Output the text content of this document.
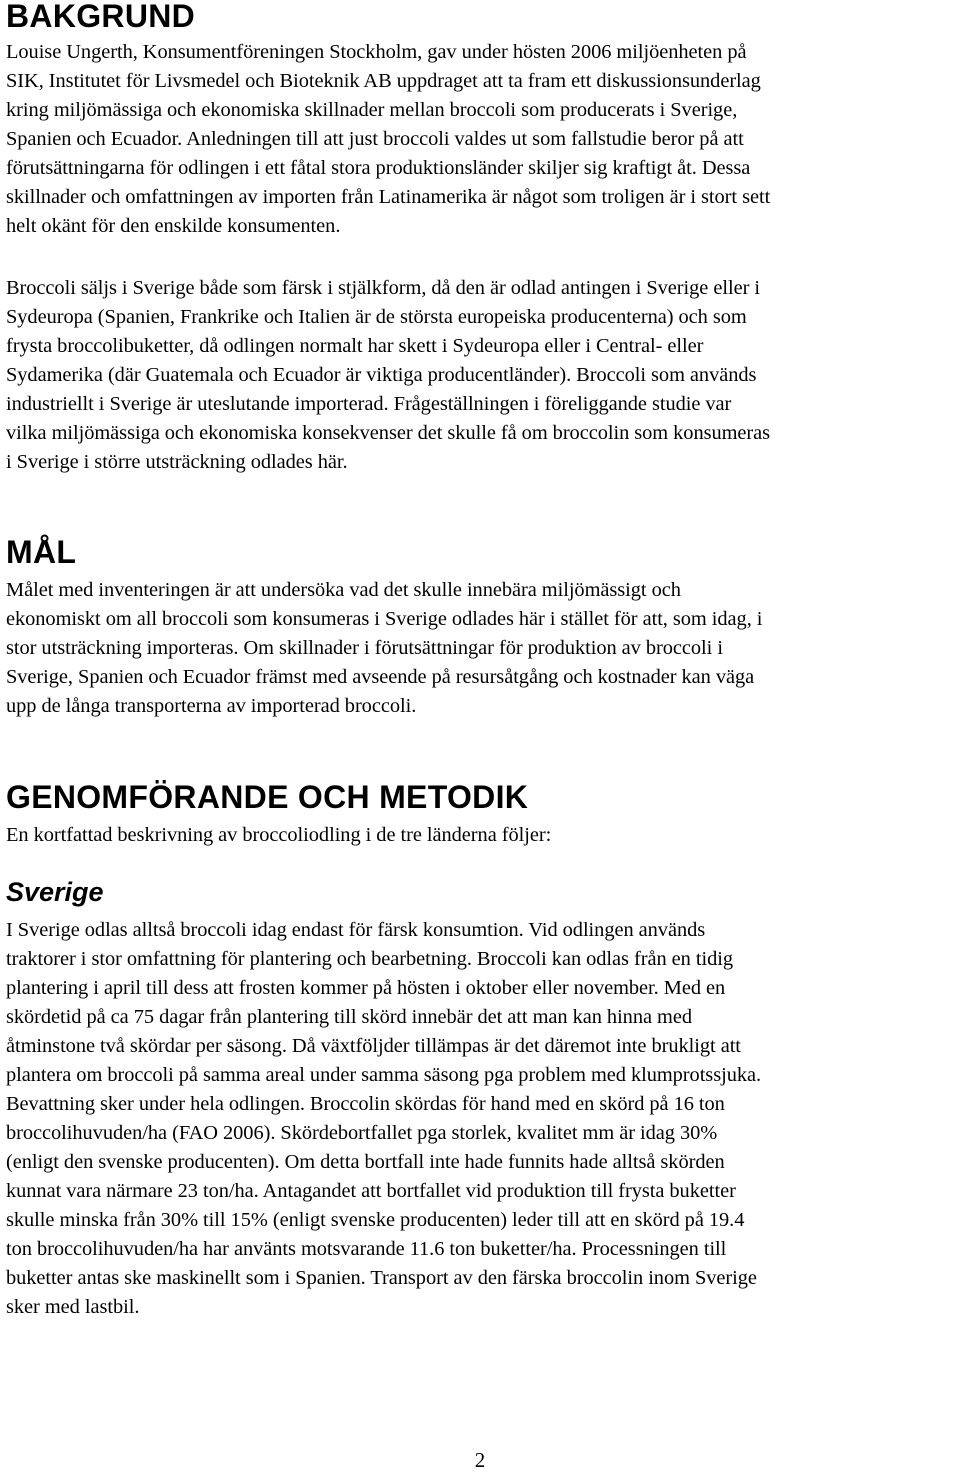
BAKGRUND
Louise Ungerth, Konsumentföreningen Stockholm, gav under hösten 2006 miljöenheten på
SIK, Institutet för Livsmedel och Bioteknik AB uppdraget att ta fram ett diskussionsunderlag
kring miljömässiga och ekonomiska skillnader mellan broccoli som producerats i Sverige,
Spanien och Ecuador. Anledningen till att just broccoli valdes ut som fallstudie beror på att
förutsättningarna för odlingen i ett fåtal stora produktionsländer skiljer sig kraftigt åt. Dessa
skillnader och omfattningen av importen från Latinamerika är något som troligen är i stort sett
helt okänt för den enskilde konsumenten.
Broccoli säljs i Sverige både som färsk i stjälkform, då den är odlad antingen i Sverige eller i
Sydeuropa (Spanien, Frankrike och Italien är de största europeiska producenterna) och som
frysta broccolibuketter, då odlingen normalt har skett i Sydeuropa eller i Central- eller
Sydamerika (där Guatemala och Ecuador är viktiga producentländer). Broccoli som används
industriellt i Sverige är uteslutande importerad. Frågeställningen i föreliggande studie var
vilka miljömässiga och ekonomiska konsekvenser det skulle få om broccolin som konsumeras
i Sverige i större utsträckning odlades här.
MÅL
Målet med inventeringen är att undersöka vad det skulle innebära miljömässigt och
ekonomiskt om all broccoli som konsumeras i Sverige odlades här i stället för att, som idag, i
stor utsträckning importeras. Om skillnader i förutsättningar för produktion av broccoli i
Sverige, Spanien och Ecuador främst med avseende på resursåtgång och kostnader kan väga
upp de långa transporterna av importerad broccoli.
GENOMFÖRANDE OCH METODIK
En kortfattad beskrivning av broccoliodling i de tre länderna följer:
Sverige
I Sverige odlas alltså broccoli idag endast för färsk konsumtion. Vid odlingen används
traktorer i stor omfattning för plantering och bearbetning. Broccoli kan odlas från en tidig
plantering i april till dess att frosten kommer på hösten i oktober eller november. Med en
skördetid på ca 75 dagar från plantering till skörd innebär det att man kan hinna med
åtminstone två skördar per säsong. Då växtföljder tillämpas är det däremot inte brukligt att
plantera om broccoli på samma areal under samma säsong pga problem med klumprotssjuka.
Bevattning sker under hela odlingen. Broccolin skördas för hand med en skörd på 16 ton
broccolihuvuden/ha (FAO 2006). Skördebortfallet pga storlek, kvalitet mm är idag 30%
(enligt den svenske producenten). Om detta bortfall inte hade funnits hade alltså skörden
kunnat vara närmare 23 ton/ha. Antagandet att bortfallet vid produktion till frysta buketter
skulle minska från 30% till 15% (enligt svenske producenten) leder till att en skörd på 19.4
ton broccolihuvuden/ha har använts motsvarande 11.6 ton buketter/ha. Processningen till
buketter antas ske maskinellt som i Spanien. Transport av den färska broccolin inom Sverige
sker med lastbil.
2
